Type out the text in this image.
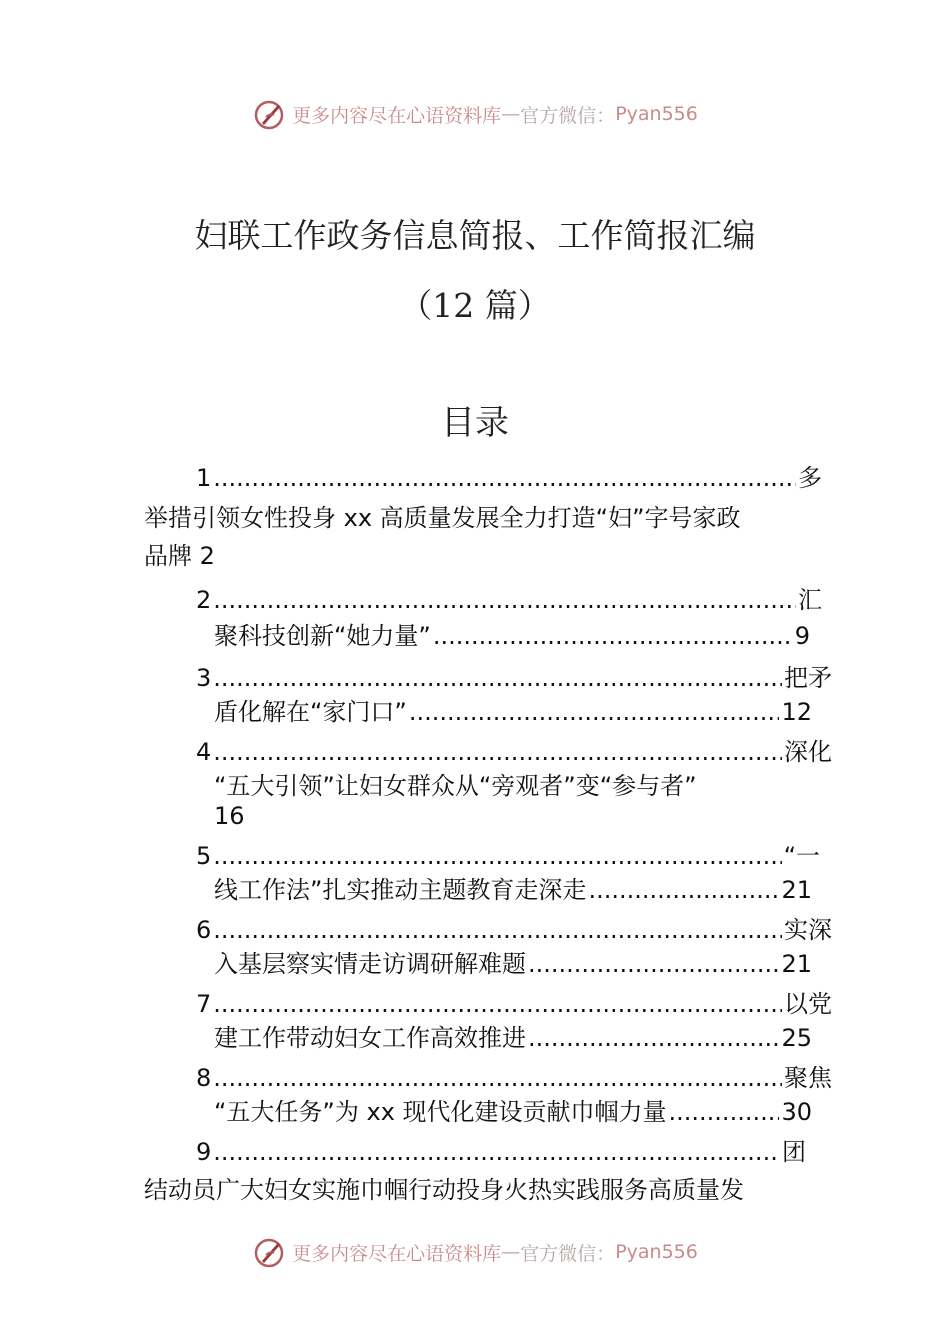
更多内容尽在心语资料库 — 官方微信： Pyan556
妇联工作政务信息简报、工作简报汇编
（12 篇）
目录
1 .....	多
举措引领女性投身 xx 高质量发展全力打造“妇”字号家政
品牌 2
2 .....	汇
聚科技创新“她力量” .....	9
3 .....	把矛
盾化解在“家门口” .....	12
4 .....	深化
“五大引领”让妇女群众从“旁观者”变“参与者”
16
5 .....	“一
线工作法”扎实推动主题教育走深走 .....	21
6 .....	实深
入基层察实情走访调研解难题 .....	21
7 .....	以党
建工作带动妇女工作高效推进 .....	25
8 .....	聚焦
“五大任务”为 xx 现代化建设贡献巾帼力量 .....	30
9 .....	团
结动员广大妇女实施巾帼行动投身火热实践服务高质量发
更多内容尽在心语资料库 — 官方微信： Pyan556
